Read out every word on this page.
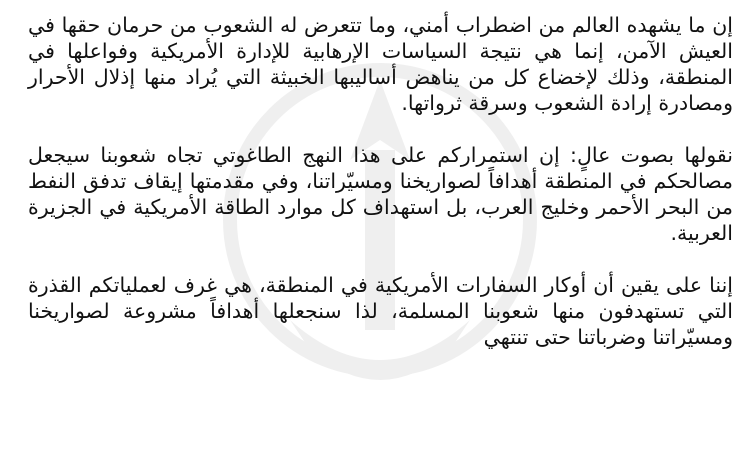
إن ما يشهده العالم من اضطراب أمني، وما تتعرض له الشعوب من حرمان حقها في العيش الآمن، إنما هي نتيجة السياسات الإرهابية للإدارة الأمريكية وفواعلها في المنطقة، وذلك لإخضاع كل من يناهض أساليبها الخبيثة التي يُراد منها إذلال الأحرار ومصادرة إرادة الشعوب وسرقة ثرواتها.

نقولها بصوت عالٍ: إن استمراركم على هذا النهج الطاغوتي تجاه شعوبنا سيجعل مصالحكم في المنطقة أهدافاً لصواريخنا ومسيّراتنا، وفي مقدمتها إيقاف تدفق النفط من البحر الأحمر وخليج العرب، بل استهداف كل موارد الطاقة الأمريكية في الجزيرة العربية.

إننا على يقين أن أوكار السفارات الأمريكية في المنطقة، هي غرف لعملياتكم القذرة التي تستهدفون منها شعوبنا المسلمة، لذا سنجعلها أهدافاً مشروعة لصواريخنا ومسيّراتنا وضرباتنا حتى تنتهي
